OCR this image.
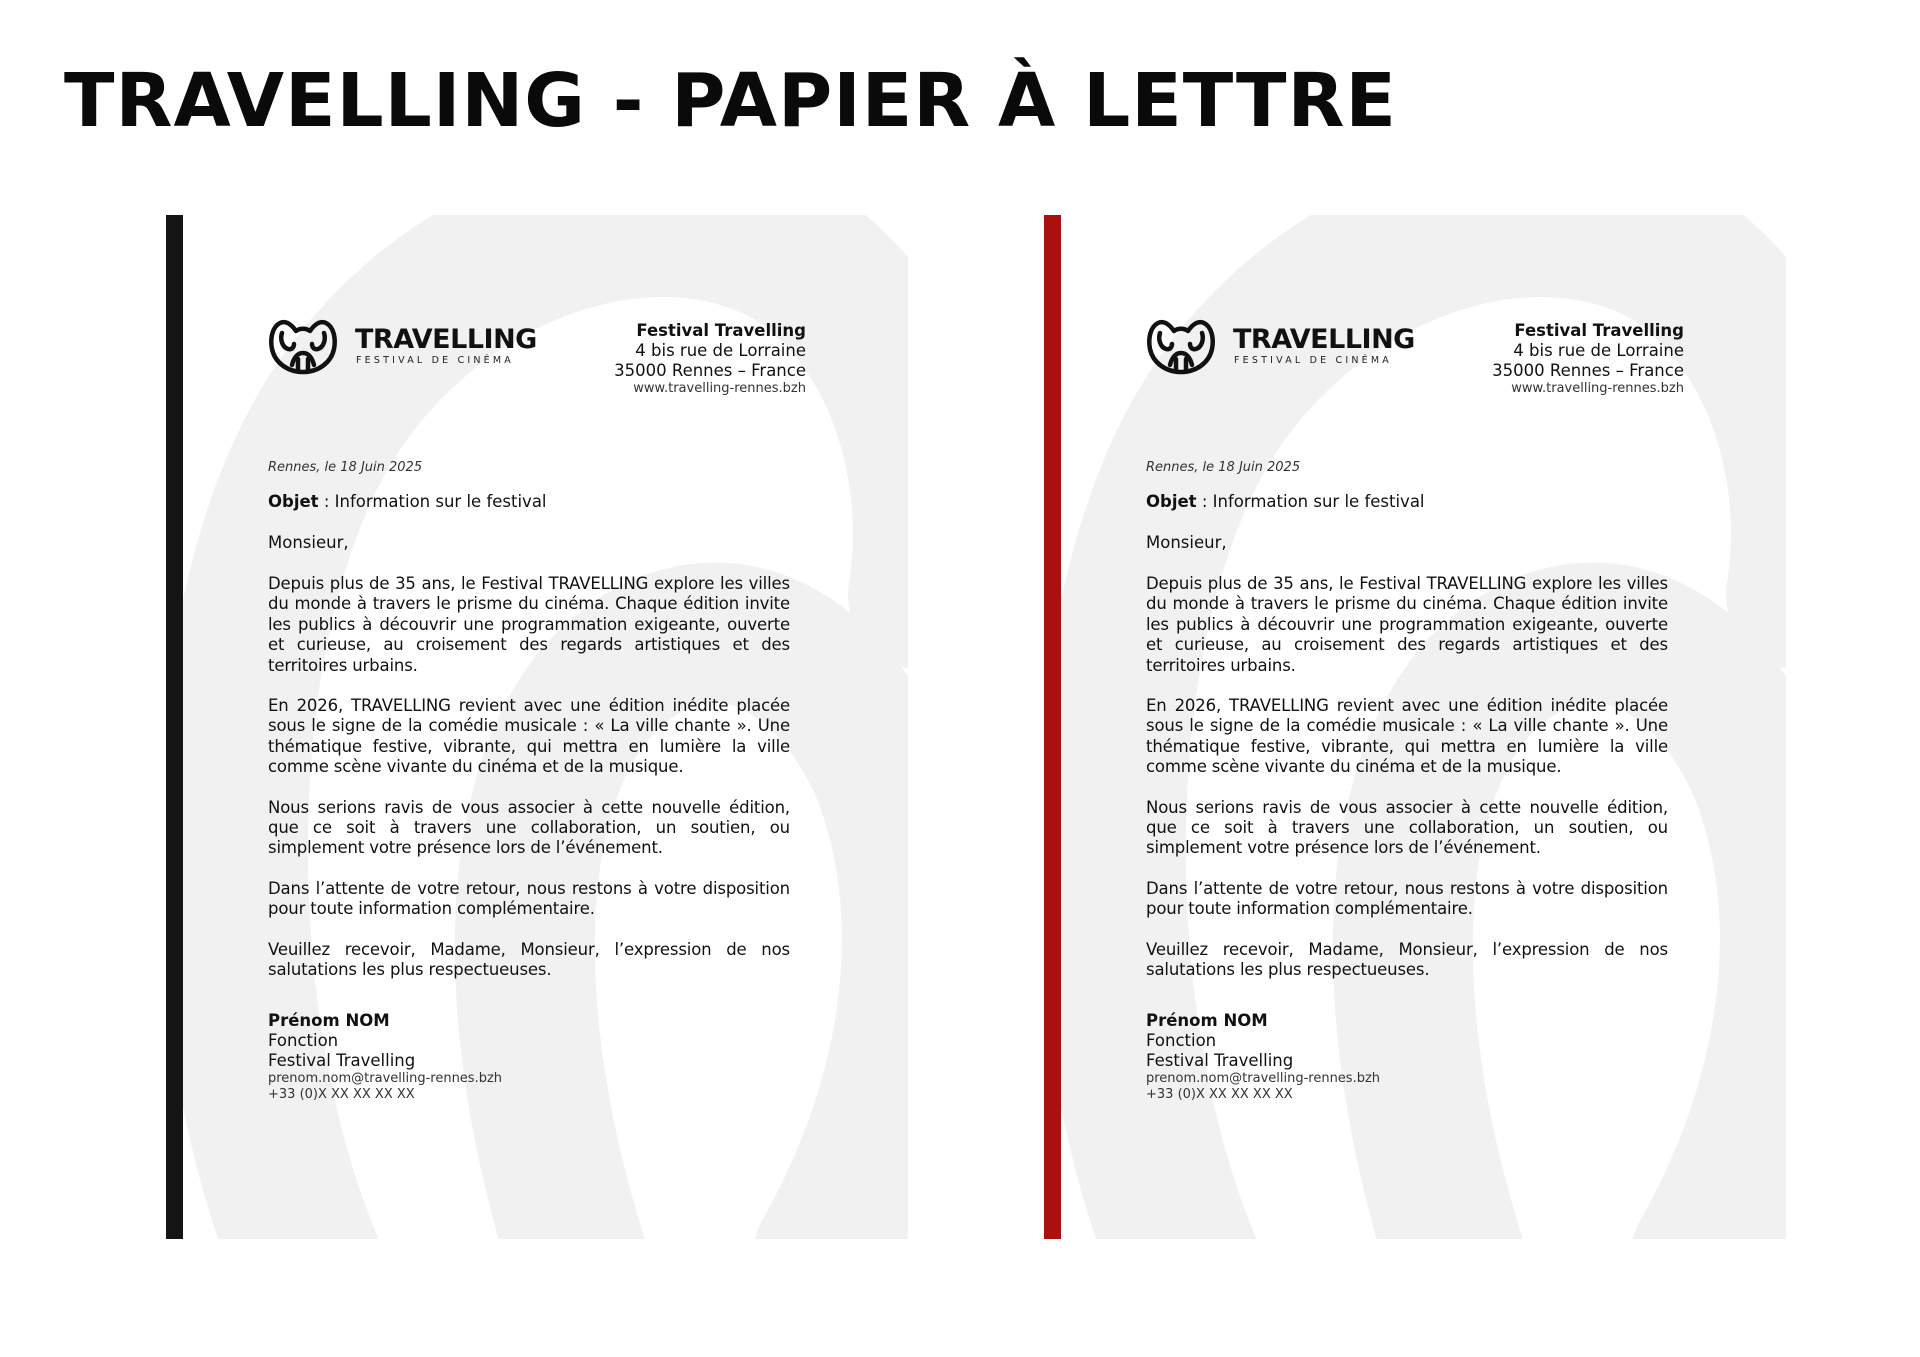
TRAVELLING - PAPIER À LETTRE
TRAVELLING
FESTIVAL DE CINÉMA
Festival Travelling
4 bis rue de Lorraine
35000 Rennes – France
www.travelling-rennes.bzh
Rennes, le 18 Juin 2025
Objet : Information sur le festival
Monsieur,

Depuis plus de 35 ans, le Festival TRAVELLING explore les villes du monde à travers le prisme du cinéma. Chaque édition invite les publics à découvrir une programmation exigeante, ouverte et curieuse, au croisement des regards artistiques et des territoires urbains.

En 2026, TRAVELLING revient avec une édition inédite placée sous le signe de la comédie musicale : « La ville chante ». Une thématique festive, vibrante, qui mettra en lumière la ville comme scène vivante du cinéma et de la musique.

Nous serions ravis de vous associer à cette nouvelle édition, que ce soit à travers une collaboration, un soutien, ou simplement votre présence lors de l’événement.

Dans l’attente de votre retour, nous restons à votre disposition pour toute information complémentaire.

Veuillez recevoir, Madame, Monsieur, l’expression de nos salutations les plus respectueuses.

Prénom NOM
Fonction
Festival Travelling
prenom.nom@travelling-rennes.bzh
+33 (0)X XX XX XX XX
TRAVELLING
FESTIVAL DE CINÉMA
Festival Travelling
4 bis rue de Lorraine
35000 Rennes – France
www.travelling-rennes.bzh
Rennes, le 18 Juin 2025
Objet : Information sur le festival
Monsieur,

Depuis plus de 35 ans, le Festival TRAVELLING explore les villes du monde à travers le prisme du cinéma. Chaque édition invite les publics à découvrir une programmation exigeante, ouverte et curieuse, au croisement des regards artistiques et des territoires urbains.

En 2026, TRAVELLING revient avec une édition inédite placée sous le signe de la comédie musicale : « La ville chante ». Une thématique festive, vibrante, qui mettra en lumière la ville comme scène vivante du cinéma et de la musique.

Nous serions ravis de vous associer à cette nouvelle édition, que ce soit à travers une collaboration, un soutien, ou simplement votre présence lors de l’événement.

Dans l’attente de votre retour, nous restons à votre disposition pour toute information complémentaire.

Veuillez recevoir, Madame, Monsieur, l’expression de nos salutations les plus respectueuses.

Prénom NOM
Fonction
Festival Travelling
prenom.nom@travelling-rennes.bzh
+33 (0)X XX XX XX XX
